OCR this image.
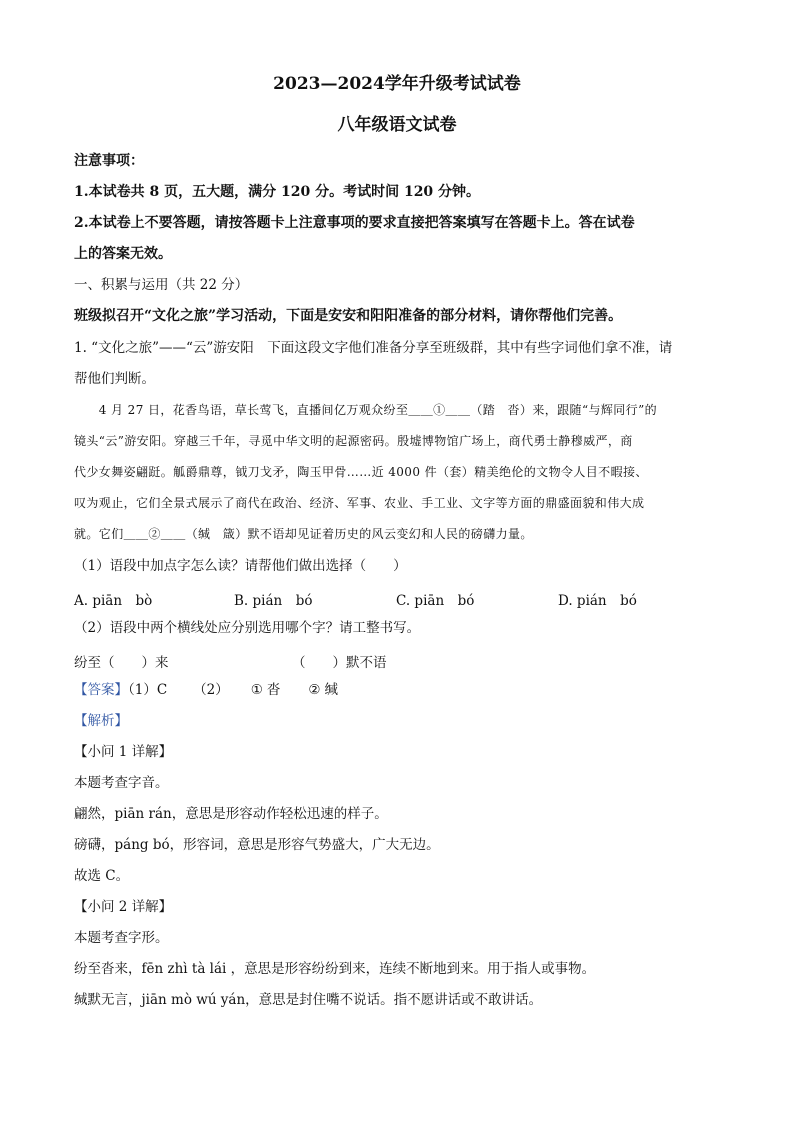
2023—2024学年升级考试试卷
八年级语文试卷
注意事项：
1.本试卷共 8 页，五大题，满分 120 分。考试时间 120 分钟。
2.本试卷上不要答题，请按答题卡上注意事项的要求直接把答案填写在答题卡上。答在试卷
上的答案无效。
一、积累与运用（共 22 分）
班级拟召开“文化之旅”学习活动，下面是安安和阳阳准备的部分材料，请你帮他们完善。
1. “文化之旅”——“云”游安阳　下面这段文字他们准备分享至班级群，其中有些字词他们拿不准，请
帮他们判断。
　　4 月 27 日，花香鸟语，草长莺飞，直播间亿万观众纷至＿＿①＿＿（踏　沓）来，跟随“与辉同行”的
镜头“云”游安阳。穿越三千年，寻觅中华文明的起源密码。殷墟博物馆广场上，商代勇士静穆威严，商
代少女舞姿翩跹。觚爵鼎尊，钺刀戈矛，陶玉甲骨……近 4000 件（套）精美绝伦的文物令人目不暇接、
叹为观止，它们全景式展示了商代在政治、经济、军事、农业、手工业、文字等方面的鼎盛面貌和伟大成
就。它们＿＿②＿＿（缄　箴）默不语却见证着历史的风云变幻和人民的磅礴力量。
（1）语段中加点字怎么读？请帮他们做出选择（　　）
A. piān　bò	B. pián　bó	C. piān　bó	D. pián　bó
（2）语段中两个横线处应分别选用哪个字？请工整书写。
纷至（　　）来	（　　）默不语
【答案】（1）C （2） ① 沓 ② 缄
【解析】
【小问 1 详解】
本题考查字音。
翩然，piān rán，意思是形容动作轻松迅速的样子。
磅礴，páng bó，形容词，意思是形容气势盛大，广大无边。
故选 C。
【小问 2 详解】
本题考查字形。
纷至沓来，fēn zhì tà lái ，意思是形容纷纷到来，连续不断地到来。用于指人或事物。
缄默无言，jiān mò wú yán，意思是封住嘴不说话。指不愿讲话或不敢讲话。
